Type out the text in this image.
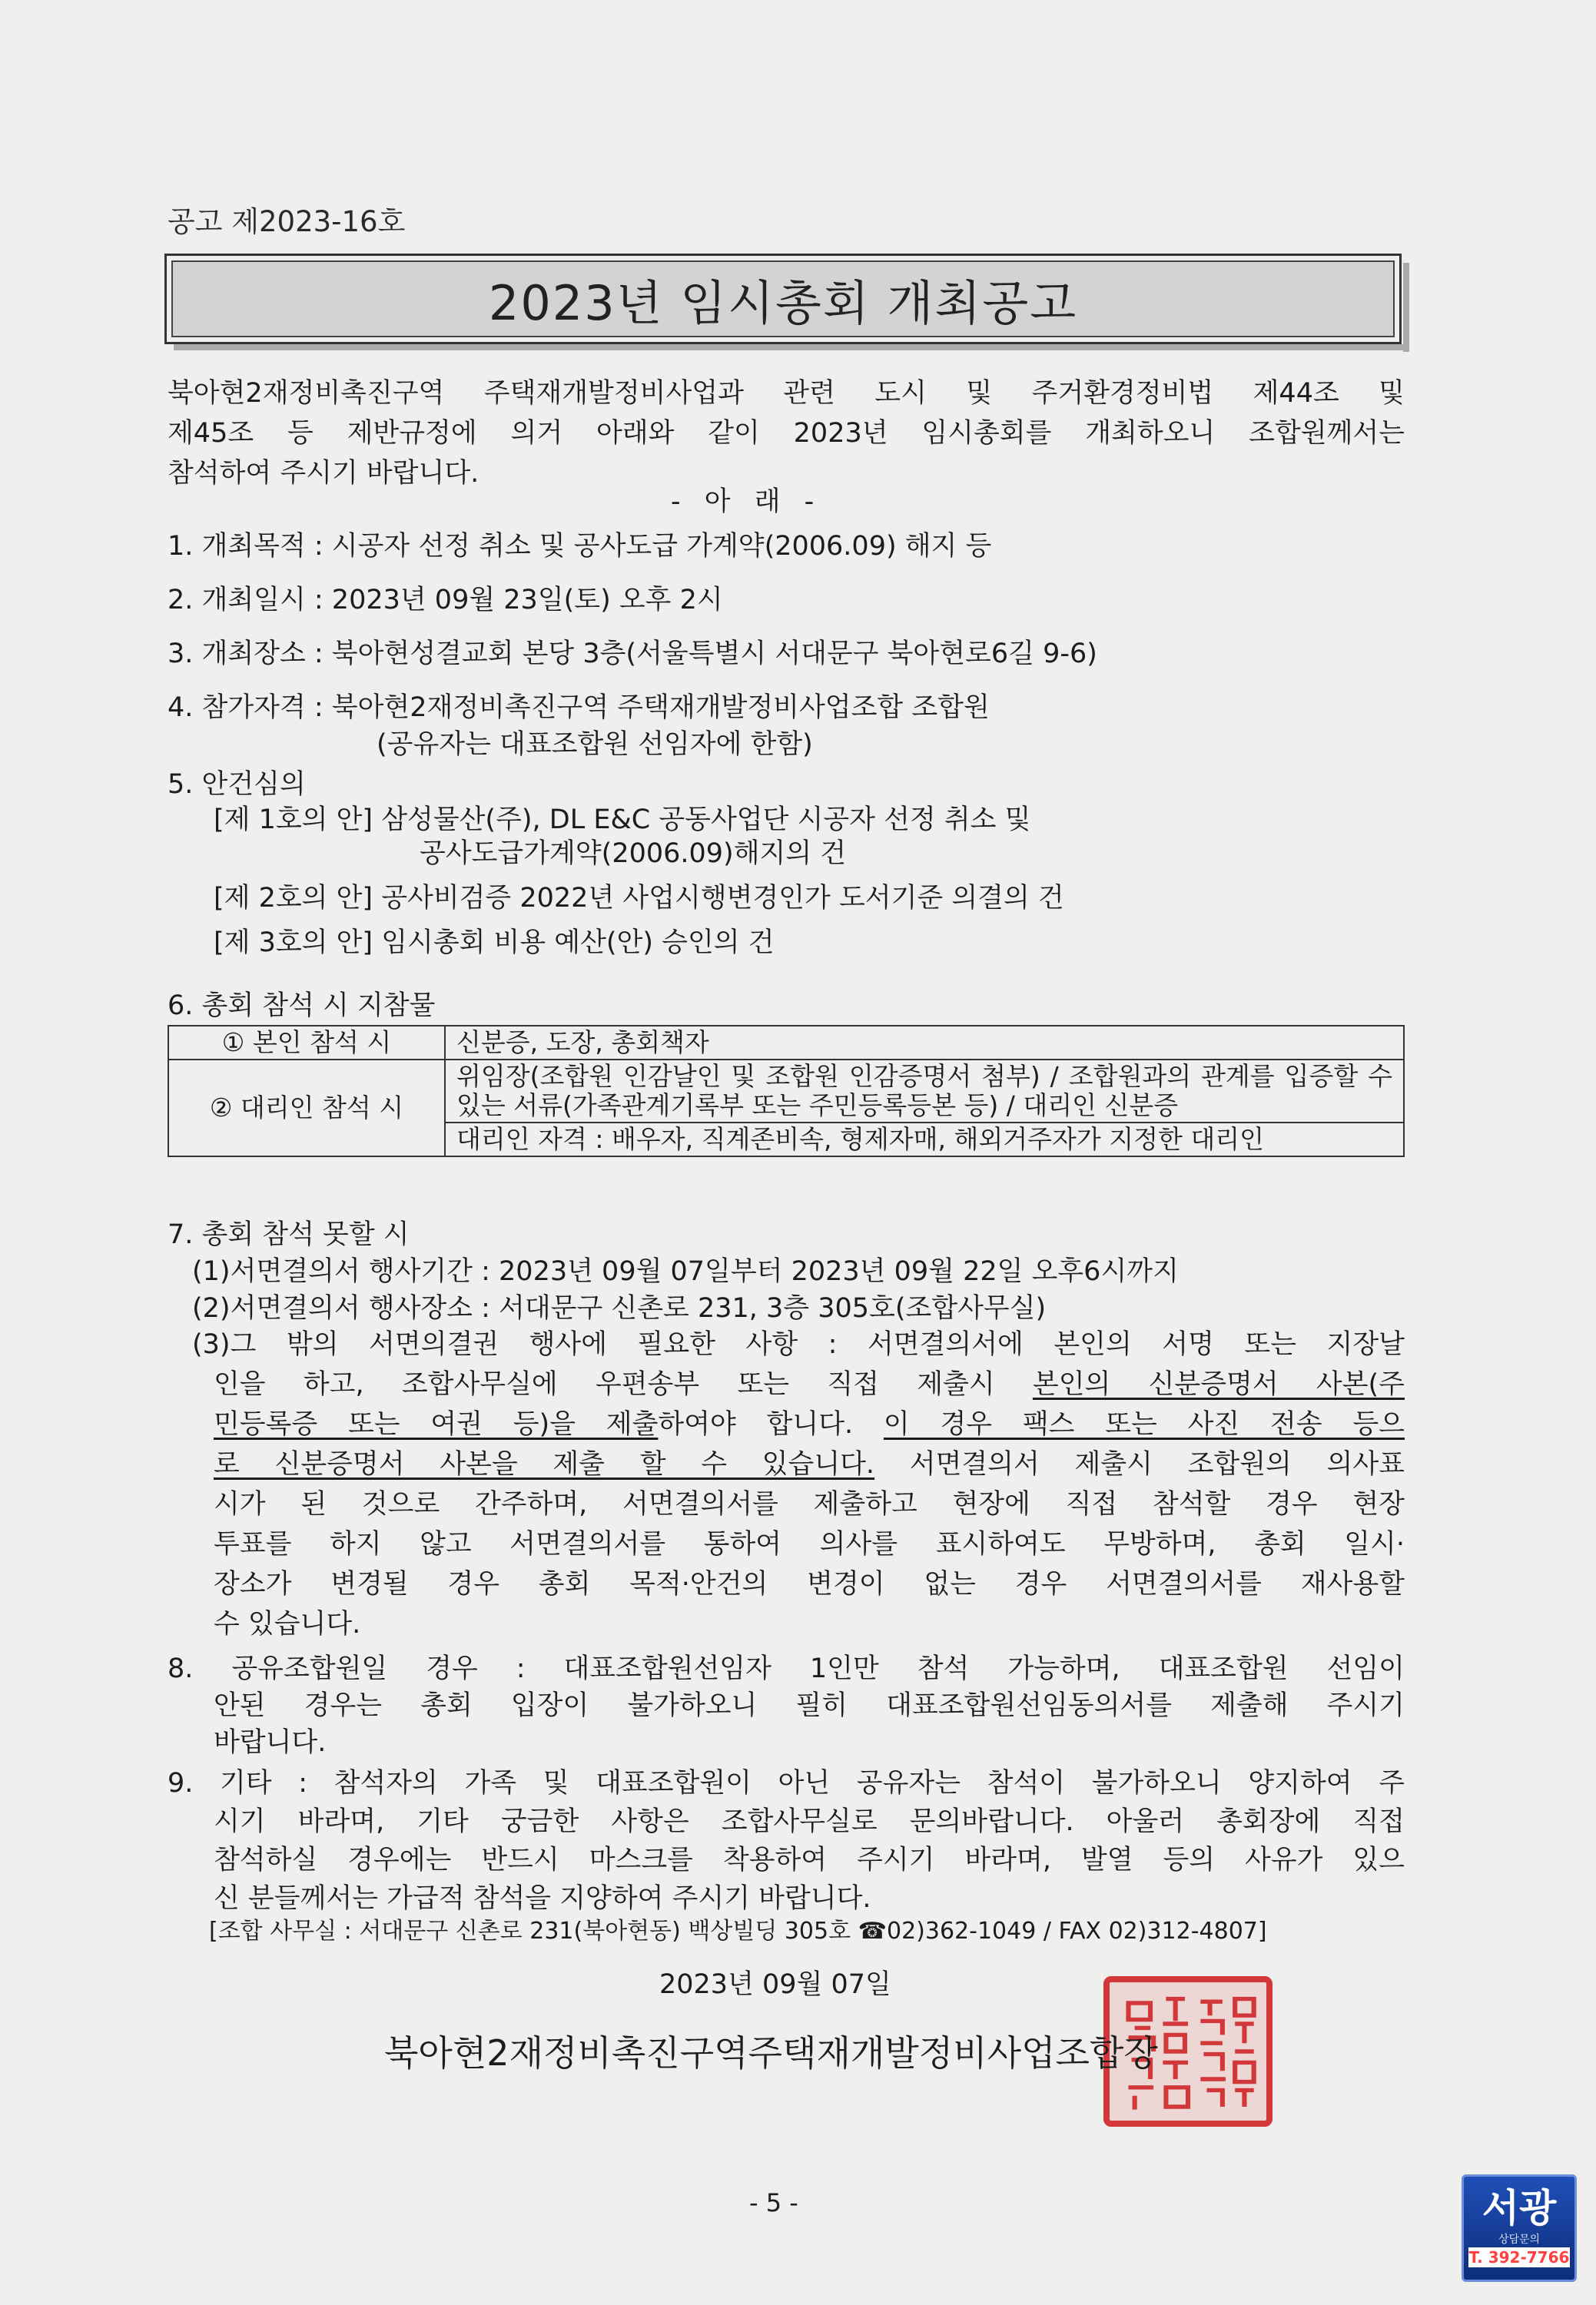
공고 제2023-16호
2023년 임시총회 개최공고
북아현2재정비촉진구역 주택재개발정비사업과 관련 도시 및 주거환경정비법 제44조 및
제45조 등 제반규정에 의거 아래와 같이 2023년 임시총회를 개최하오니 조합원께서는
참석하여 주시기 바랍니다.
- 아 래 -
1. 개최목적 : 시공자 선정 취소 및 공사도급 가계약(2006.09) 해지 등
2. 개최일시 : 2023년 09월 23일(토) 오후 2시
3. 개최장소 : 북아현성결교회 본당 3층(서울특별시 서대문구 북아현로6길 9-6)
4. 참가자격 : 북아현2재정비촉진구역 주택재개발정비사업조합 조합원
(공유자는 대표조합원 선임자에 한함)
5. 안건심의
[제 1호의 안] 삼성물산(주), DL E&C 공동사업단 시공자 선정 취소 및
공사도급가계약(2006.09)해지의 건
[제 2호의 안] 공사비검증 2022년 사업시행변경인가 도서기준 의결의 건
[제 3호의 안] 임시총회 비용 예산(안) 승인의 건
6. 총회 참석 시 지참물
① 본인 참석 시	신분증, 도장, 총회책자
② 대리인 참석 시	위임장(조합원 인감날인 및 조합원 인감증명서 첨부) / 조합원과의 관계를 입증할 수 있는 서류(가족관계기록부 또는 주민등록등본 등) / 대리인 신분증
	대리인 자격 : 배우자, 직계존비속, 형제자매, 해외거주자가 지정한 대리인
7. 총회 참석 못할 시
(1)서면결의서 행사기간 : 2023년 09월 07일부터 2023년 09월 22일 오후6시까지
(2)서면결의서 행사장소 : 서대문구 신촌로 231, 3층 305호(조합사무실)
(3)그 밖의 서면의결권 행사에 필요한 사항 : 서면결의서에 본인의 서명 또는 지장날
인을 하고, 조합사무실에 우편송부 또는 직접 제출시 본인의 신분증명서 사본(주
민등록증 또는 여권 등)을 제출하여야 합니다. 이 경우 팩스 또는 사진 전송 등으
로 신분증명서 사본을 제출 할 수 있습니다. 서면결의서 제출시 조합원의 의사표
시가 된 것으로 간주하며, 서면결의서를 제출하고 현장에 직접 참석할 경우 현장
투표를 하지 않고 서면결의서를 통하여 의사를 표시하여도 무방하며, 총회 일시·
장소가 변경될 경우 총회 목적·안건의 변경이 없는 경우 서면결의서를 재사용할
수 있습니다.
8. 공유조합원일 경우 : 대표조합원선임자 1인만 참석 가능하며, 대표조합원 선임이
안된 경우는 총회 입장이 불가하오니 필히 대표조합원선임동의서를 제출해 주시기
바랍니다.
9. 기타 : 참석자의 가족 및 대표조합원이 아닌 공유자는 참석이 불가하오니 양지하여 주
시기 바라며, 기타 궁금한 사항은 조합사무실로 문의바랍니다. 아울러 총회장에 직접
참석하실 경우에는 반드시 마스크를 착용하여 주시기 바라며, 발열 등의 사유가 있으
신 분들께서는 가급적 참석을 지양하여 주시기 바랍니다.
[조합 사무실 : 서대문구 신촌로 231(북아현동) 백상빌딩 305호 ☎02)362-1049 / FAX 02)312-4807]
2023년 09월 07일
북아현2재정비촉진구역주택재개발정비사업조합장
- 5 -	서광
상담문의
T. 392-7766
